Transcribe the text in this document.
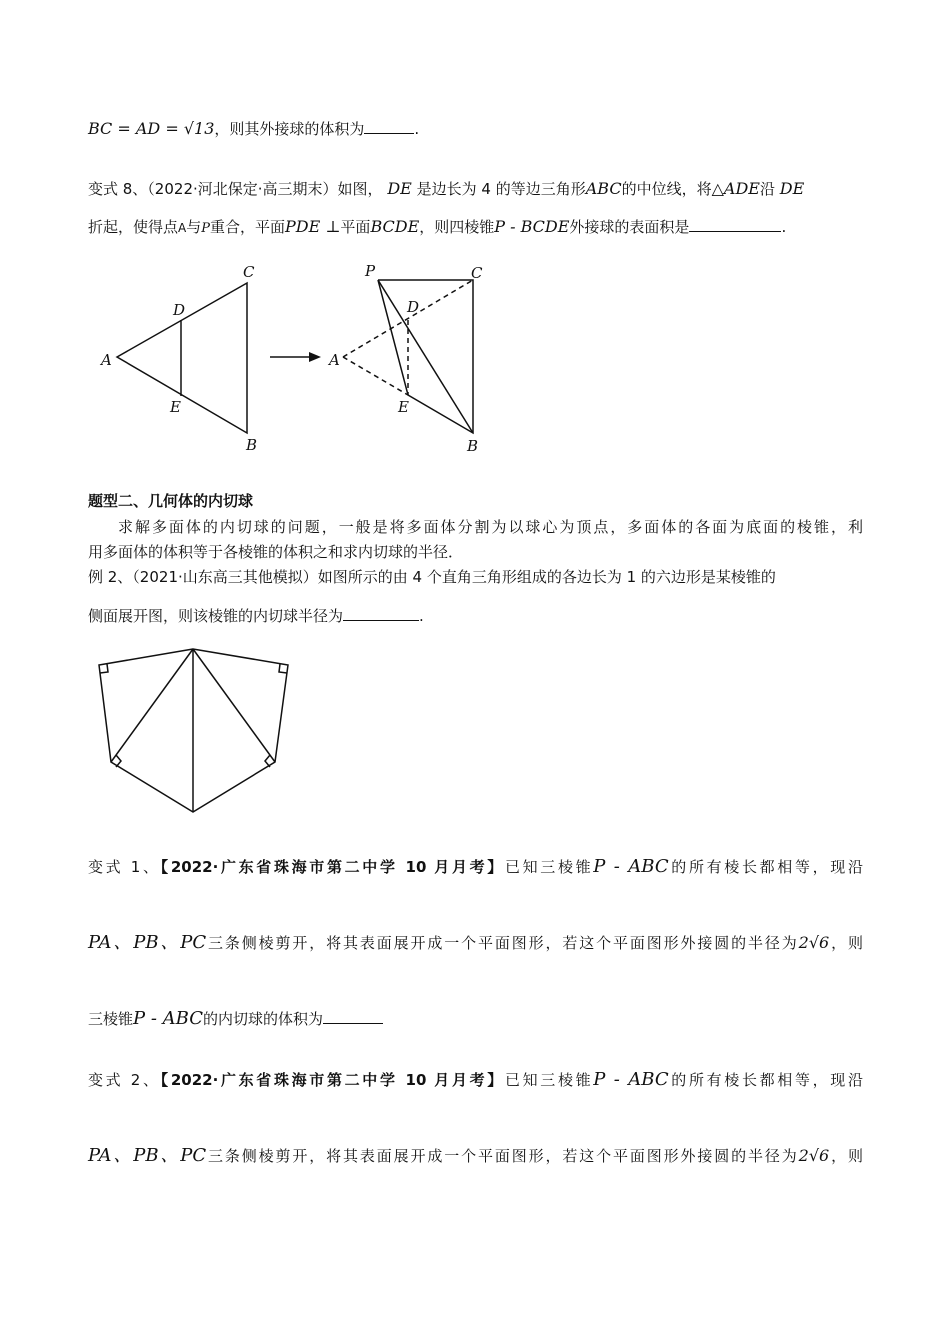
BC = AD = √13，则其外接球的体积为	.
变式 8、（2022·河北保定·高三期末）如图， DE 是边长为 4 的等边三角形ABC的中位线，将△ADE沿 DE
折起，使得点A与P重合，平面PDE ⊥平面BCDE，则四棱锥P - BCDE外接球的表面积是	.
A
C
D
E
B
P	C
D
A
E
B
题型二、几何体的内切球
求解多面体的内切球的问题，一般是将多面体分割为以球心为顶点，多面体的各面为底面的棱锥，利
用多面体的体积等于各棱锥的体积之和求内切球的半径．
例 2、（2021·山东高三其他模拟）如图所示的由 4 个直角三角形组成的各边长为 1 的六边形是某棱锥的
侧面展开图，则该棱锥的内切球半径为	.
变式 1、【2022·广东省珠海市第二中学 10 月月考】已知三棱锥P - ABC的所有棱长都相等，现沿
PA、PB、PC三条侧棱剪开，将其表面展开成一个平面图形，若这个平面图形外接圆的半径为2√6，则
三棱锥P - ABC的内切球的体积为
变式 2、【2022·广东省珠海市第二中学 10 月月考】已知三棱锥P - ABC的所有棱长都相等，现沿
PA、PB、PC三条侧棱剪开，将其表面展开成一个平面图形，若这个平面图形外接圆的半径为2√6，则
